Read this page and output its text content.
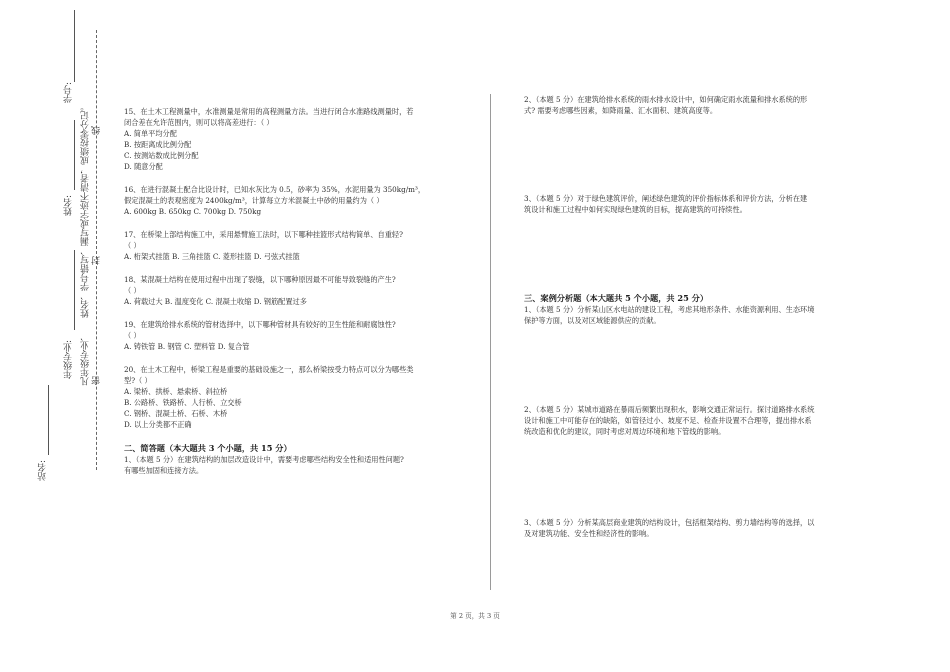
学号:
线
姓名: 姓名、学号错写、漏写或字迹不清者，成绩按零分记。 封
凡年级专业、
年级专业:
密
站名:

15、在土木工程测量中，水准测量是常用的高程测量方法。当进行闭合水准路线测量时，若

闭合差在允许范围内，则可以将高差进行：（ ）

A. 简单平均分配

B. 按距离成比例分配

C. 按测站数成比例分配

D. 随意分配

16、在进行混凝土配合比设计时，已知水灰比为 0.5，砂率为 35%，水泥用量为 350kg/m³，

假定混凝土的表观密度为 2400kg/m³，计算每立方米混凝土中砂的用量约为（ ）

A. 600kg B. 650kg C. 700kg D. 750kg

17、在桥梁上部结构施工中，采用悬臂施工法时，以下哪种挂篮形式结构简单、自重轻?

（ ）

A. 桁架式挂篮 B. 三角挂篮 C. 菱形挂篮 D. 弓弦式挂篮

18、某混凝土结构在使用过程中出现了裂缝，以下哪种原因最不可能导致裂缝的产生?

（ ）

A. 荷载过大 B. 温度变化 C. 混凝土收缩 D. 钢筋配置过多

19、在建筑给排水系统的管材选择中，以下哪种管材具有较好的卫生性能和耐腐蚀性?

（ ）

A. 铸铁管 B. 钢管 C. 塑料管 D. 复合管

20、在土木工程中，桥梁工程是重要的基础设施之一，那么桥梁按受力特点可以分为哪些类

型?（ ）

A. 梁桥、拱桥、悬索桥、斜拉桥

B. 公路桥、铁路桥、人行桥、立交桥

C. 钢桥、混凝土桥、石桥、木桥

D. 以上分类都不正确

二、简答题（本大题共 3 个小题，共 15 分）

1、（本题 5 分）在建筑结构的加层改造设计中，需要考虑哪些结构安全性和适用性问题?

有哪些加固和连接方法。

2、（本题 5 分）在建筑给排水系统的雨水排水设计中，如何确定雨水流量和排水系统的形

式? 需要考虑哪些因素，如降雨量、汇水面积、建筑高度等。

3、（本题 5 分）对于绿色建筑评价，阐述绿色建筑的评价指标体系和评价方法，分析在建

筑设计和施工过程中如何实现绿色建筑的目标，提高建筑的可持续性。

三、案例分析题（本大题共 5 个小题，共 25 分）

1、（本题 5 分）分析某山区水电站的建设工程，考虑其地形条件、水能资源利用、生态环境

保护等方面，以及对区域能源供应的贡献。

2、（本题 5 分）某城市道路在暴雨后频繁出现积水，影响交通正常运行。探讨道路排水系统

设计和施工中可能存在的缺陷，如管径过小、坡度不足、检查井设置不合理等，提出排水系

统改造和优化的建议，同时考虑对周边环境和地下管线的影响。

3、（本题 5 分）分析某高层商业建筑的结构设计，包括框架结构、剪力墙结构等的选择，以

及对建筑功能、安全性和经济性的影响。

第 2 页，共 3 页
